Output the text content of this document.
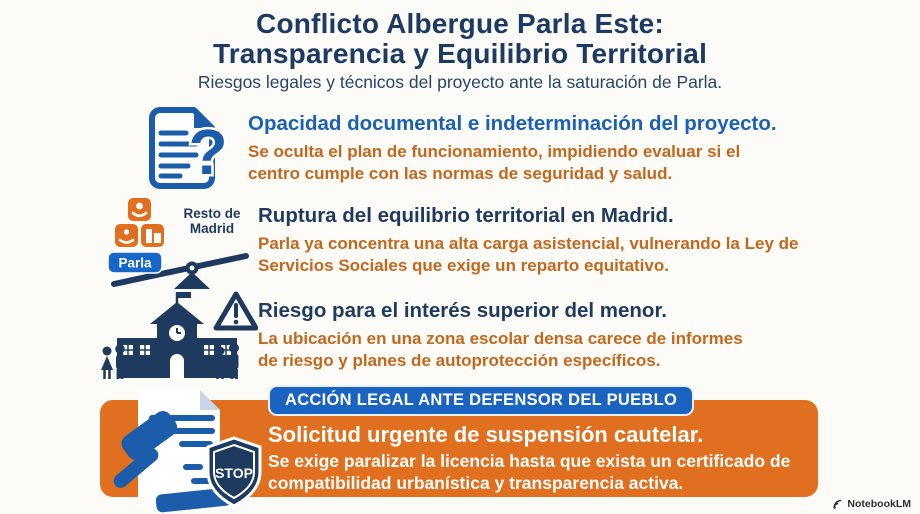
Conflicto Albergue Parla Este:
Transparencia y Equilibrio Territorial
Riesgos legales y técnicos del proyecto ante la saturación de Parla.
? Opacidad documental e indeterminación del proyecto.
Se oculta el plan de funcionamiento, impidiendo evaluar si el centro cumple con las normas de seguridad y salud.
Parla
Resto de
Madrid
Ruptura del equilibrio territorial en Madrid.
Parla ya concentra una alta carga asistencial, vulnerando la Ley de Servicios Sociales que exige un reparto equitativo.
Riesgo para el interés superior del menor.
La ubicación en una zona escolar densa carece de informes de riesgo y planes de autoprotección específicos.
ACCIÓN LEGAL ANTE DEFENSOR DEL PUEBLO
Solicitud urgente de suspensión cautelar.
Se exige paralizar la licencia hasta que exista un certificado de compatibilidad urbanística y transparencia activa.
STOP
NotebookLM
